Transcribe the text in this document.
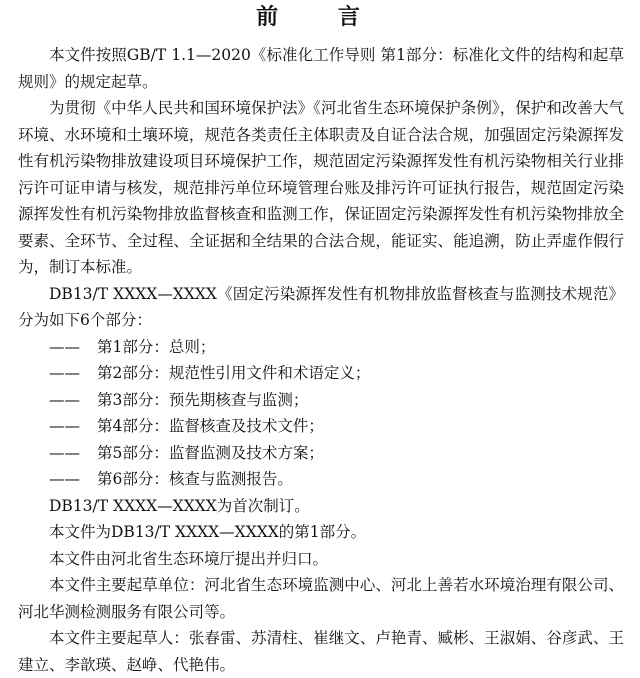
前 言

本文件按照GB/T 1.1—2020《标准化工作导则 第1部分：标准化文件的结构和起草规则》的规定起草。

为贯彻《中华人民共和国环境保护法》《河北省生态环境保护条例》，保护和改善大气环境、水环境和土壤环境，规范各类责任主体职责及自证合法合规，加强固定污染源挥发性有机污染物排放建设项目环境保护工作，规范固定污染源挥发性有机污染物相关行业排污许可证申请与核发，规范排污单位环境管理台账及排污许可证执行报告，规范固定污染源挥发性有机污染物排放监督核查和监测工作，保证固定污染源挥发性有机污染物排放全要素、全环节、全过程、全证据和全结果的合法合规，能证实、能追溯，防止弄虚作假行为，制订本标准。

DB13/T XXXX—XXXX《固定污染源挥发性有机物排放监督核查与监测技术规范》分为如下6个部分：

—— 第1部分：总则；

—— 第2部分：规范性引用文件和术语定义；

—— 第3部分：预先期核查与监测；

—— 第4部分：监督核查及技术文件；

—— 第5部分：监督监测及技术方案；

—— 第6部分：核查与监测报告。

DB13/T XXXX—XXXX为首次制订。

本文件为DB13/T XXXX—XXXX的第1部分。

本文件由河北省生态环境厅提出并归口。

本文件主要起草单位：河北省生态环境监测中心、河北上善若水环境治理有限公司、河北华测检测服务有限公司等。

本文件主要起草人：张春雷、苏清柱、崔继文、卢艳青、臧彬、王淑娟、谷彦武、王建立、李歆瑛、赵峥、代艳伟。
